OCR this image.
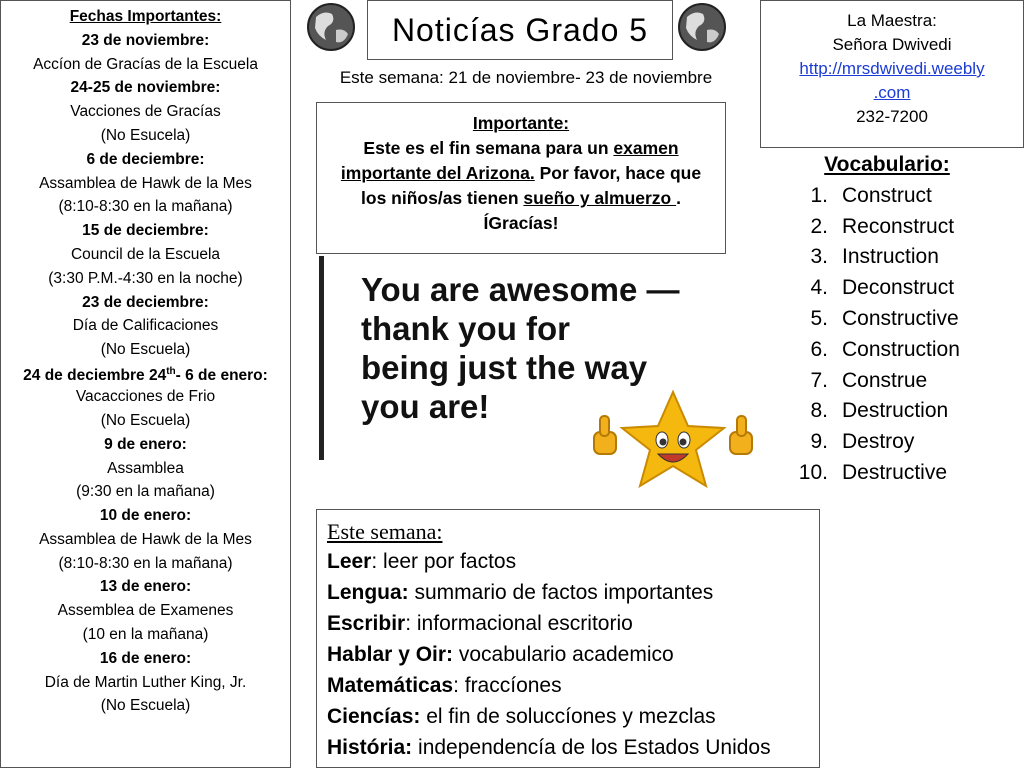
Fechas Importantes:
23 de noviembre:
Accíon de Gracías de la Escuela
24-25 de noviembre:
Vacciones de Gracías
(No Esucela)
6 de deciembre:
Assamblea de Hawk de la Mes
(8:10-8:30 en la mañana)
15 de deciembre:
Council de la Escuela
(3:30 P.M.-4:30 en la noche)
23 de deciembre:
Día de Calificaciones
(No Escuela)
24 de deciembre 24th- 6 de enero:
Vacacciones de Frio
(No Escuela)
9 de enero:
Assamblea
(9:30 en la mañana)
10 de enero:
Assamblea de Hawk de la Mes
(8:10-8:30 en la mañana)
13 de enero:
Assemblea de Examenes
(10 en la mañana)
16 de enero:
Día de Martin Luther King, Jr.
(No Escuela)
Noticías Grado 5
Este semana: 21 de noviembre- 23 de noviembre
La Maestra:
Señora Dwivedi
http://mrsdwivedi.weebly
.com
232-7200
Importante:
Este es el fin semana para un examen importante del Arizona. Por favor, hace que los niños/as tienen sueño y almuerzo . ÍGracías!
You are awesome —
thank you for
being just the way
you are!
Vocabulario:
1. Construct
2. Reconstruct
3. Instruction
4. Deconstruct
5. Constructive
6. Construction
7. Construe
8. Destruction
9. Destroy
10. Destructive
Este semana:
Leer: leer por factos
Lengua: summario de factos importantes
Escribir: informacional escritorio
Hablar y Oir: vocabulario academico
Matemáticas: fraccíones
Ciencías: el fin de soluccíones y mezclas
História: independencía de los Estados Unidos
